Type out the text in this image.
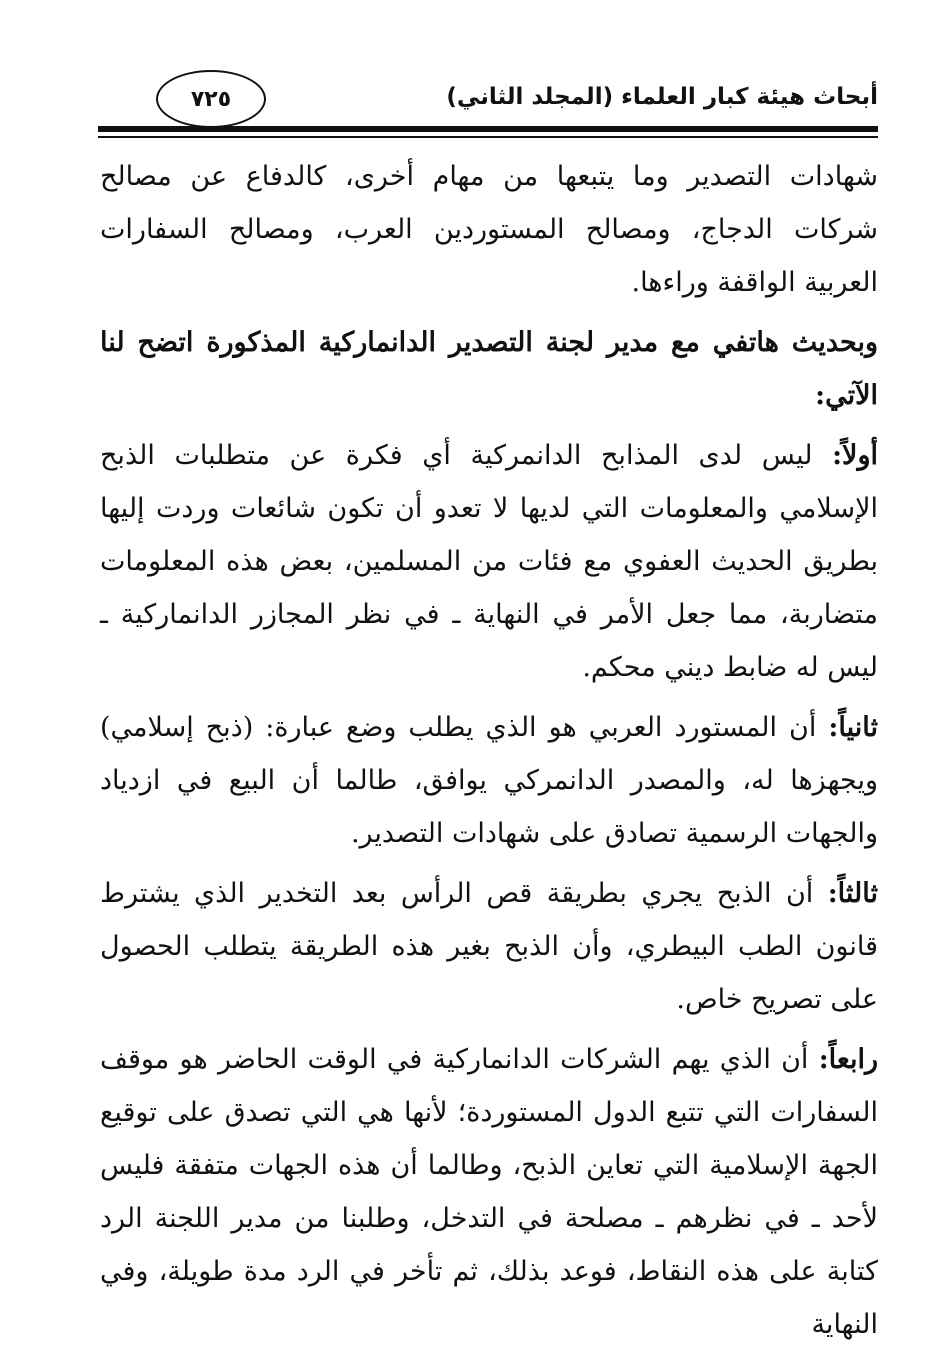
أبحاث هيئة كبار العلماء (المجلد الثاني)
٧٢٥

شهادات التصدير وما يتبعها من مهام أخرى، كالدفاع عن مصالح شركات الدجاج، ومصالح المستوردين العرب، ومصالح السفارات العربية الواقفة وراءها.

وبحديث هاتفي مع مدير لجنة التصدير الدانماركية المذكورة اتضح لنا الآتي:

أولاً: ليس لدى المذابح الدانمركية أي فكرة عن متطلبات الذبح الإسلامي والمعلومات التي لديها لا تعدو أن تكون شائعات وردت إليها بطريق الحديث العفوي مع فئات من المسلمين، بعض هذه المعلومات متضاربة، مما جعل الأمر في النهاية ـ في نظر المجازر الدانماركية ـ ليس له ضابط ديني محكم.

ثانياً: أن المستورد العربي هو الذي يطلب وضع عبارة: (ذبح إسلامي) ويجهزها له، والمصدر الدانمركي يوافق، طالما أن البيع في ازدياد والجهات الرسمية تصادق على شهادات التصدير.

ثالثاً: أن الذبح يجري بطريقة قص الرأس بعد التخدير الذي يشترط قانون الطب البيطري، وأن الذبح بغير هذه الطريقة يتطلب الحصول على تصريح خاص.

رابعاً: أن الذي يهم الشركات الدانماركية في الوقت الحاضر هو موقف السفارات التي تتبع الدول المستوردة؛ لأنها هي التي تصدق على توقيع الجهة الإسلامية التي تعاين الذبح، وطالما أن هذه الجهات متفقة فليس لأحد ـ في نظرهم ـ مصلحة في التدخل، وطلبنا من مدير اللجنة الرد كتابة على هذه النقاط، فوعد بذلك، ثم تأخر في الرد مدة طويلة، وفي النهاية
